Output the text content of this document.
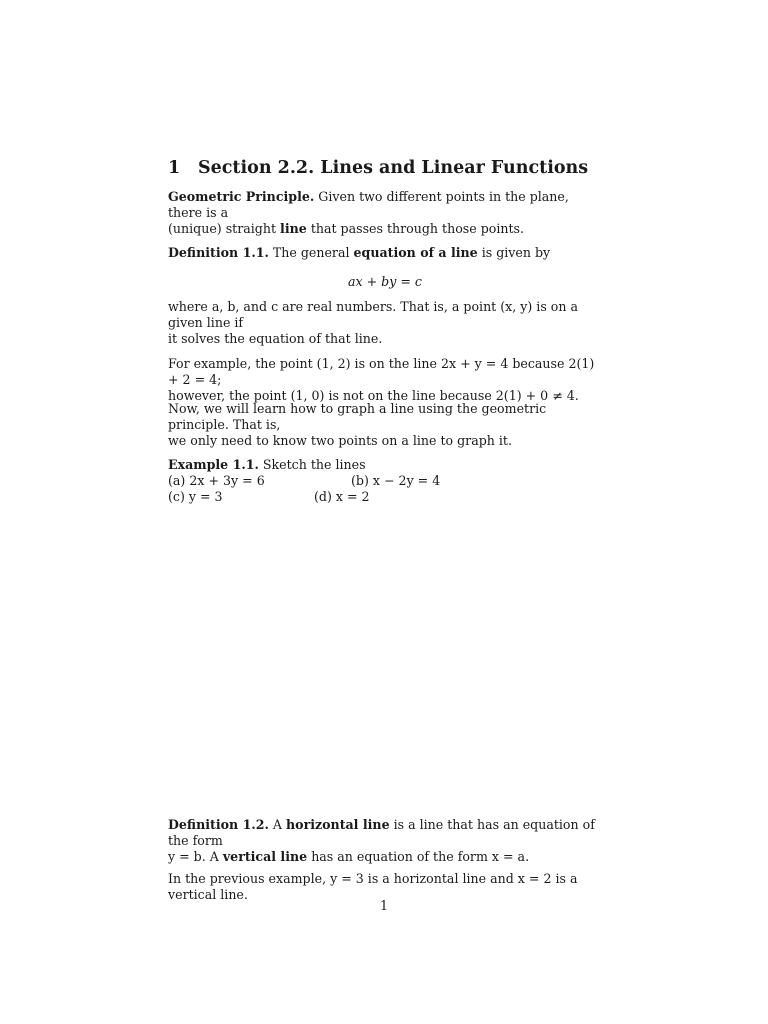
1 Section 2.2. Lines and Linear Functions
Geometric Principle. Given two different points in the plane, there is a
(unique) straight line that passes through those points.
Definition 1.1. The general equation of a line is given by
ax + by = c
where a, b, and c are real numbers. That is, a point (x, y) is on a given line if
it solves the equation of that line.
For example, the point (1, 2) is on the line 2x + y = 4 because 2(1) + 2 = 4;
however, the point (1, 0) is not on the line because 2(1) + 0 ≠ 4.
Now, we will learn how to graph a line using the geometric principle. That is,
we only need to know two points on a line to graph it.
Example 1.1. Sketch the lines
(a) 2x + 3y = 6	(b) x − 2y = 4
(c) y = 3	(d) x = 2
Definition 1.2. A horizontal line is a line that has an equation of the form
y = b. A vertical line has an equation of the form x = a.
In the previous example, y = 3 is a horizontal line and x = 2 is a vertical line.
1
